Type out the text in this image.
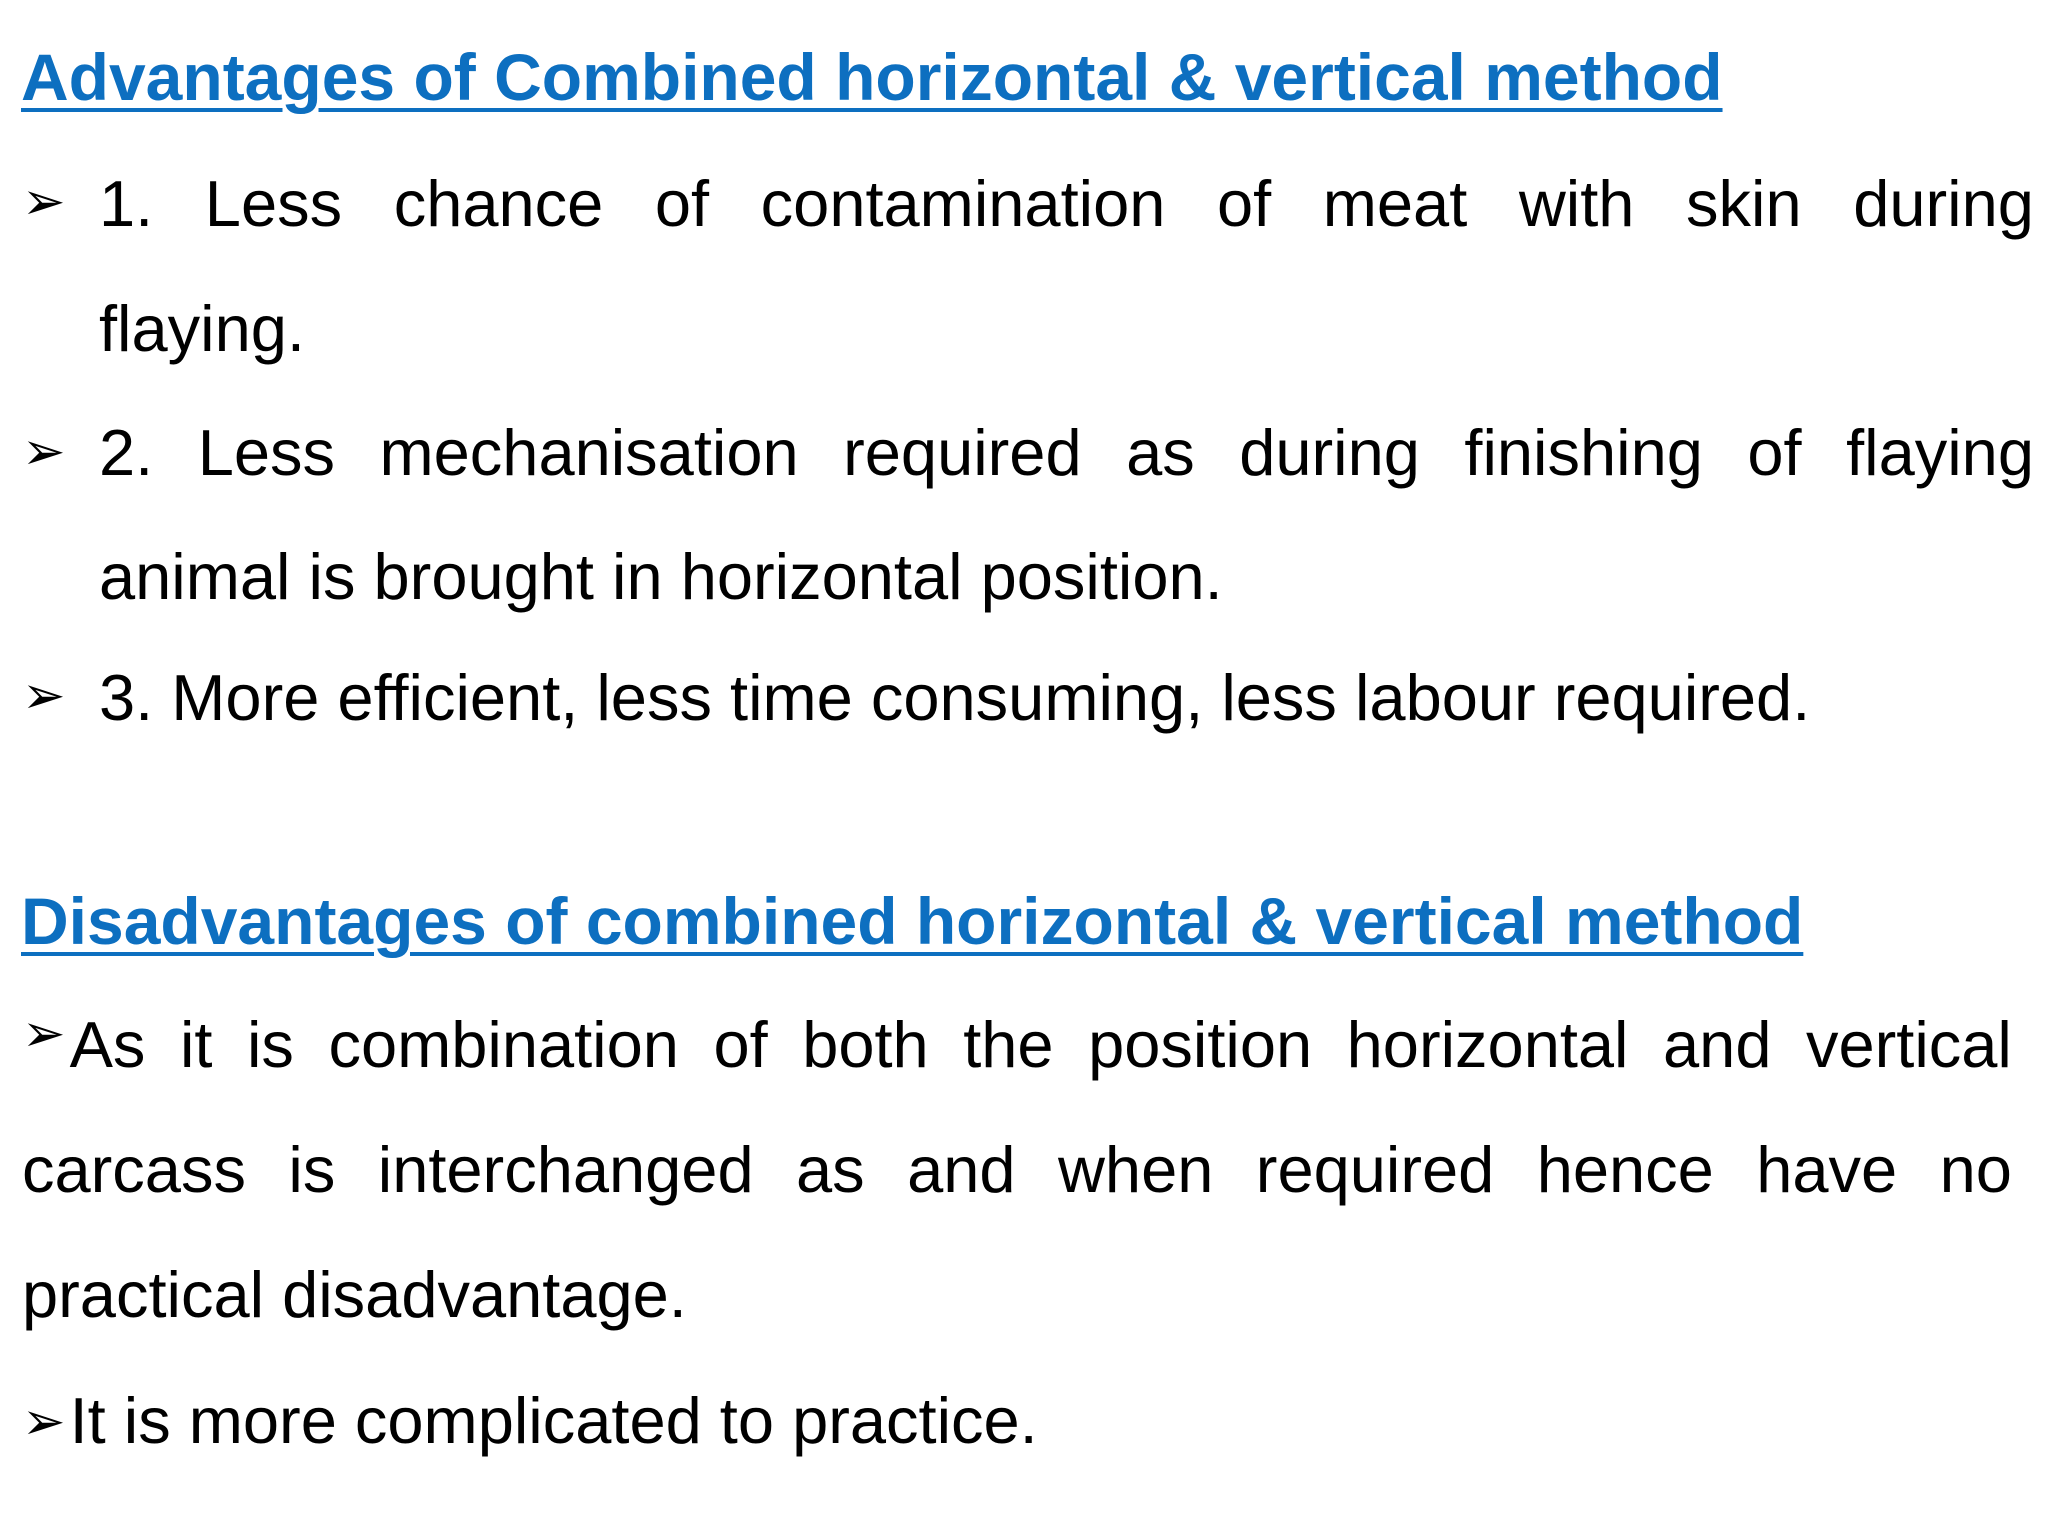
Advantages of Combined horizontal & vertical method
➢ 1. Less chance of contamination of meat with skin during
flaying.
➢ 2. Less mechanisation required as during finishing of flaying
animal is brought in horizontal position.
➢ 3. More efficient, less time consuming, less labour required.
Disadvantages of combined horizontal & vertical method
➢ As it is combination of both the position horizontal and vertical
carcass is interchanged as and when required hence have no
practical disadvantage.
➢It is more complicated to practice.
